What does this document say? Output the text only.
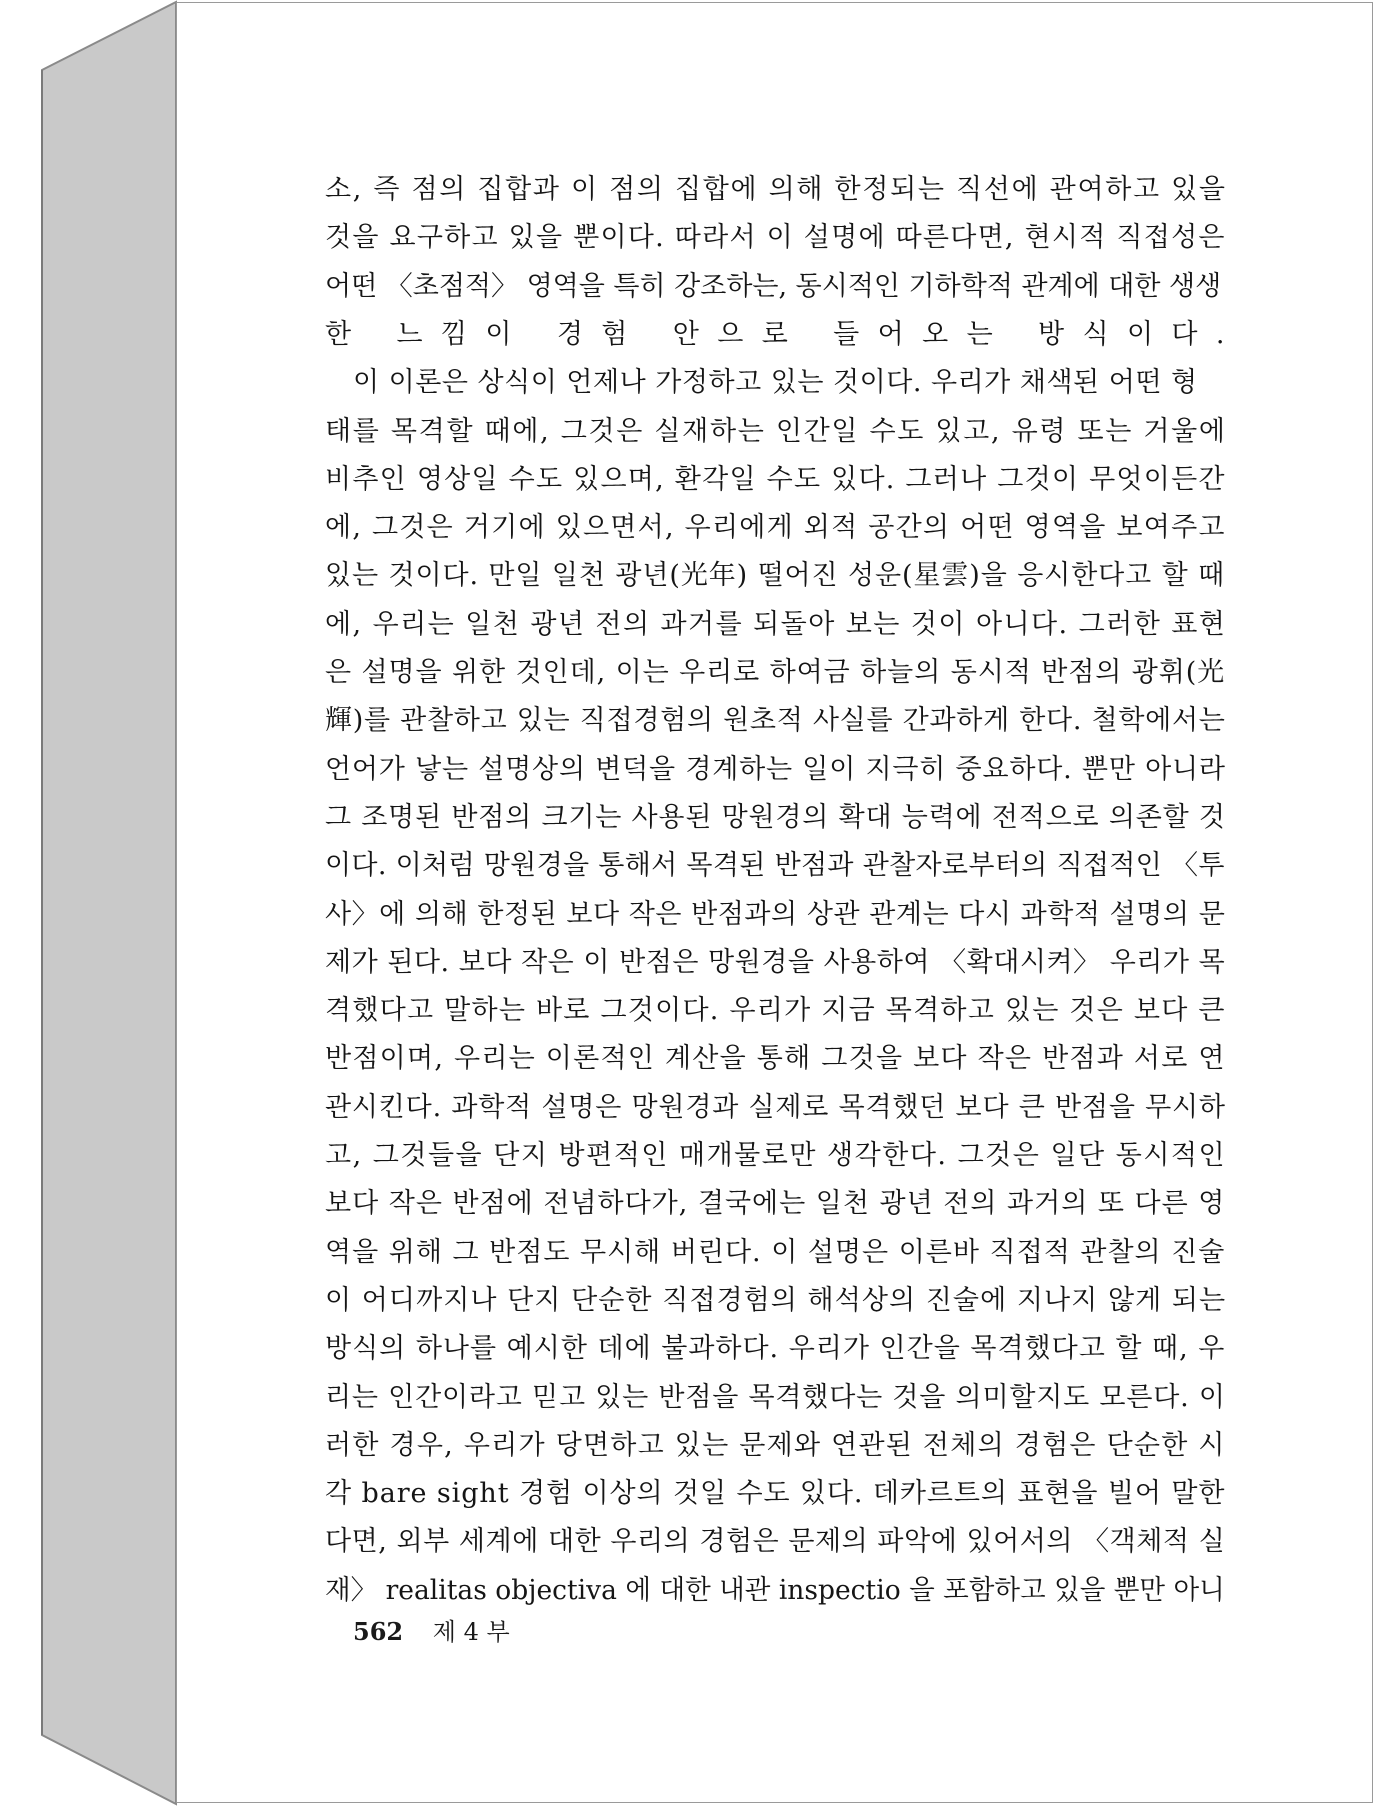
소, 즉 점의 집합과 이 점의 집합에 의해 한정되는 직선에 관여하고 있을
것을 요구하고 있을 뿐이다. 따라서 이 설명에 따른다면, 현시적 직접성은
어떤 〈초점적〉 영역을 특히 강조하는, 동시적인 기하학적 관계에 대한 생생
한 느낌이 경험 안으로 들어오는 방식이다.
이 이론은 상식이 언제나 가정하고 있는 것이다. 우리가 채색된 어떤 형
태를 목격할 때에, 그것은 실재하는 인간일 수도 있고, 유령 또는 거울에
비추인 영상일 수도 있으며, 환각일 수도 있다. 그러나 그것이 무엇이든간
에, 그것은 거기에 있으면서, 우리에게 외적 공간의 어떤 영역을 보여주고
있는 것이다. 만일 일천 광년(光年) 떨어진 성운(星雲)을 응시한다고 할 때
에, 우리는 일천 광년 전의 과거를 되돌아 보는 것이 아니다. 그러한 표현
은 설명을 위한 것인데, 이는 우리로 하여금 하늘의 동시적 반점의 광휘(光
輝)를 관찰하고 있는 직접경험의 원초적 사실를 간과하게 한다. 철학에서는
언어가 낳는 설명상의 변덕을 경계하는 일이 지극히 중요하다. 뿐만 아니라
그 조명된 반점의 크기는 사용된 망원경의 확대 능력에 전적으로 의존할 것
이다. 이처럼 망원경을 통해서 목격된 반점과 관찰자로부터의 직접적인 〈투
사〉에 의해 한정된 보다 작은 반점과의 상관 관계는 다시 과학적 설명의 문
제가 된다. 보다 작은 이 반점은 망원경을 사용하여 〈확대시켜〉 우리가 목
격했다고 말하는 바로 그것이다. 우리가 지금 목격하고 있는 것은 보다 큰
반점이며, 우리는 이론적인 계산을 통해 그것을 보다 작은 반점과 서로 연
관시킨다. 과학적 설명은 망원경과 실제로 목격했던 보다 큰 반점을 무시하
고, 그것들을 단지 방편적인 매개물로만 생각한다. 그것은 일단 동시적인
보다 작은 반점에 전념하다가, 결국에는 일천 광년 전의 과거의 또 다른 영
역을 위해 그 반점도 무시해 버린다. 이 설명은 이른바 직접적 관찰의 진술
이 어디까지나 단지 단순한 직접경험의 해석상의 진술에 지나지 않게 되는
방식의 하나를 예시한 데에 불과하다. 우리가 인간을 목격했다고 할 때, 우
리는 인간이라고 믿고 있는 반점을 목격했다는 것을 의미할지도 모른다. 이
러한 경우, 우리가 당면하고 있는 문제와 연관된 전체의 경험은 단순한 시
각 bare sight 경험 이상의 것일 수도 있다. 데카르트의 표현을 빌어 말한
다면, 외부 세계에 대한 우리의 경험은 문제의 파악에 있어서의 〈객체적 실
재〉 realitas objectiva 에 대한 내관 inspectio 을 포함하고 있을 뿐만 아니
562 제 4 부
